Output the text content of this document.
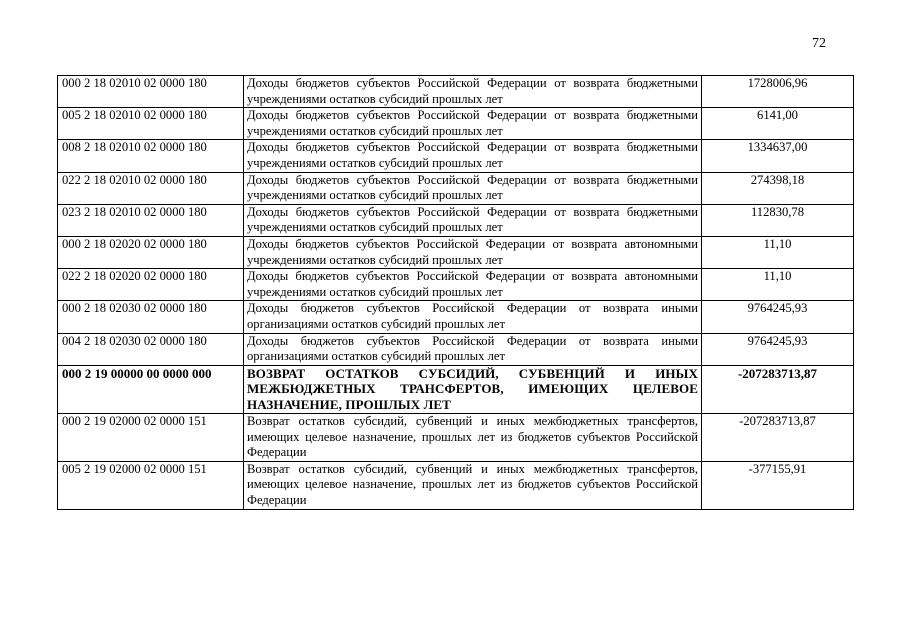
72
000 2 18 02010 02 0000 180	Доходы бюджетов субъектов Российской Федерации от возврата бюджетными учреждениями остатков субсидий прошлых лет	1728006,96
005 2 18 02010 02 0000 180	Доходы бюджетов субъектов Российской Федерации от возврата бюджетными учреждениями остатков субсидий прошлых лет	6141,00
008 2 18 02010 02 0000 180	Доходы бюджетов субъектов Российской Федерации от возврата бюджетными учреждениями остатков субсидий прошлых лет	1334637,00
022 2 18 02010 02 0000 180	Доходы бюджетов субъектов Российской Федерации от возврата бюджетными учреждениями остатков субсидий прошлых лет	274398,18
023 2 18 02010 02 0000 180	Доходы бюджетов субъектов Российской Федерации от возврата бюджетными учреждениями остатков субсидий прошлых лет	112830,78
000 2 18 02020 02 0000 180	Доходы бюджетов субъектов Российской Федерации от возврата автономными учреждениями остатков субсидий прошлых лет	11,10
022 2 18 02020 02 0000 180	Доходы бюджетов субъектов Российской Федерации от возврата автономными учреждениями остатков субсидий прошлых лет	11,10
000 2 18 02030 02 0000 180	Доходы бюджетов субъектов Российской Федерации от возврата иными организациями остатков субсидий прошлых лет	9764245,93
004 2 18 02030 02 0000 180	Доходы бюджетов субъектов Российской Федерации от возврата иными организациями остатков субсидий прошлых лет	9764245,93
000 2 19 00000 00 0000 000	ВОЗВРАТ ОСТАТКОВ СУБСИДИЙ, СУБВЕНЦИЙ И ИНЫХ МЕЖБЮДЖЕТНЫХ ТРАНСФЕРТОВ, ИМЕЮЩИХ ЦЕЛЕВОЕ НАЗНАЧЕНИЕ, ПРОШЛЫХ ЛЕТ	-207283713,87
000 2 19 02000 02 0000 151	Возврат остатков субсидий, субвенций и иных межбюджетных трансфертов, имеющих целевое назначение, прошлых лет из бюджетов субъектов Российской Федерации	-207283713,87
005 2 19 02000 02 0000 151	Возврат остатков субсидий, субвенций и иных межбюджетных трансфертов, имеющих целевое назначение, прошлых лет из бюджетов субъектов Российской Федерации	-377155,91
